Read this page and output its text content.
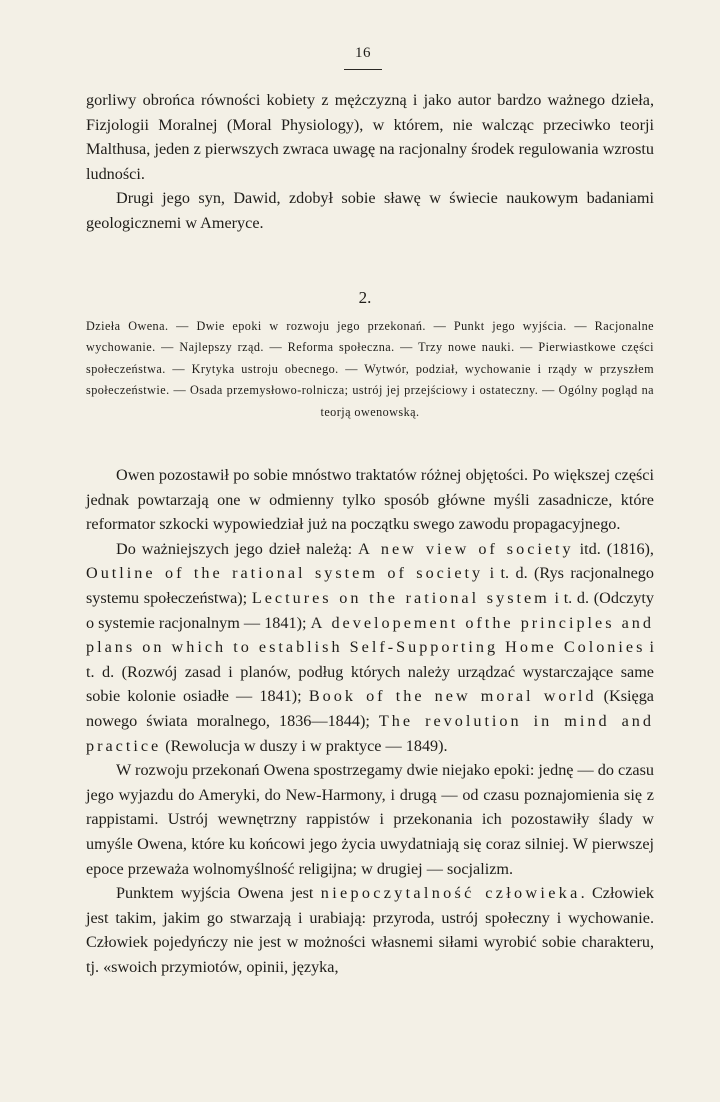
16

gorliwy obrońca równości kobiety z mężczyzną i jako autor bardzo ważnego dzieła, Fizjologii Moralnej (Moral Physiology), w którem, nie walcząc przeciwko teorji Malthusa, jeden z pierwszych zwraca uwagę na racjonalny środek regulowania wzrostu ludności.

Drugi jego syn, Dawid, zdobył sobie sławę w świecie naukowym badaniami geologicznemi w Ameryce.

2.

Dzieła Owena. — Dwie epoki w rozwoju jego przekonań. — Punkt jego wyjścia. — Racjonalne wychowanie. — Najlepszy rząd. — Reforma społeczna. — Trzy nowe nauki. — Pierwiastkowe części społeczeństwa. — Krytyka ustroju obecnego. — Wytwór, podział, wychowanie i rządy w przyszłem społeczeństwie. — Osada przemysłowo-rolnicza; ustrój jej przejściowy i ostateczny. — Ogólny pogląd na teorją owenowską.

Owen pozostawił po sobie mnóstwo traktatów różnej objętości. Po większej części jednak powtarzają one w odmienny tylko sposób główne myśli zasadnicze, które reformator szkocki wypowiedział już na początku swego zawodu propagacyjnego.

Do ważniejszych jego dzieł należą: A new view of society itd. (1816), Outline of the rational system of society i t. d. (Rys racjonalnego systemu społeczeństwa); Lectures on the rational system i t. d. (Odczyty o systemie racjonalnym — 1841); A developement ofthe principles and plans on which to establish Self-Supporting Home Colonies i t. d. (Rozwój zasad i planów, podług których należy urządzać wystarczające same sobie kolonie osiadłe — 1841); Book of the new moral world (Księga nowego świata moralnego, 1836—1844); The revolution in mind and practice (Rewolucja w duszy i w praktyce — 1849).

W rozwoju przekonań Owena spostrzegamy dwie niejako epoki: jednę — do czasu jego wyjazdu do Ameryki, do New-Harmony, i drugą — od czasu poznajomienia się z rappistami. Ustrój wewnętrzny rappistów i przekonania ich pozostawiły ślady w umyśle Owena, które ku końcowi jego życia uwydatniają się coraz silniej. W pierwszej epoce przeważa wolnomyślność religijna; w drugiej — socjalizm.

Punktem wyjścia Owena jest niepoczytalność człowieka. Człowiek jest takim, jakim go stwarzają i urabiają: przyroda, ustrój społeczny i wychowanie. Człowiek pojedyńczy nie jest w możności własnemi siłami wyrobić sobie charakteru, tj. «swoich przymiotów, opinii, języka,
